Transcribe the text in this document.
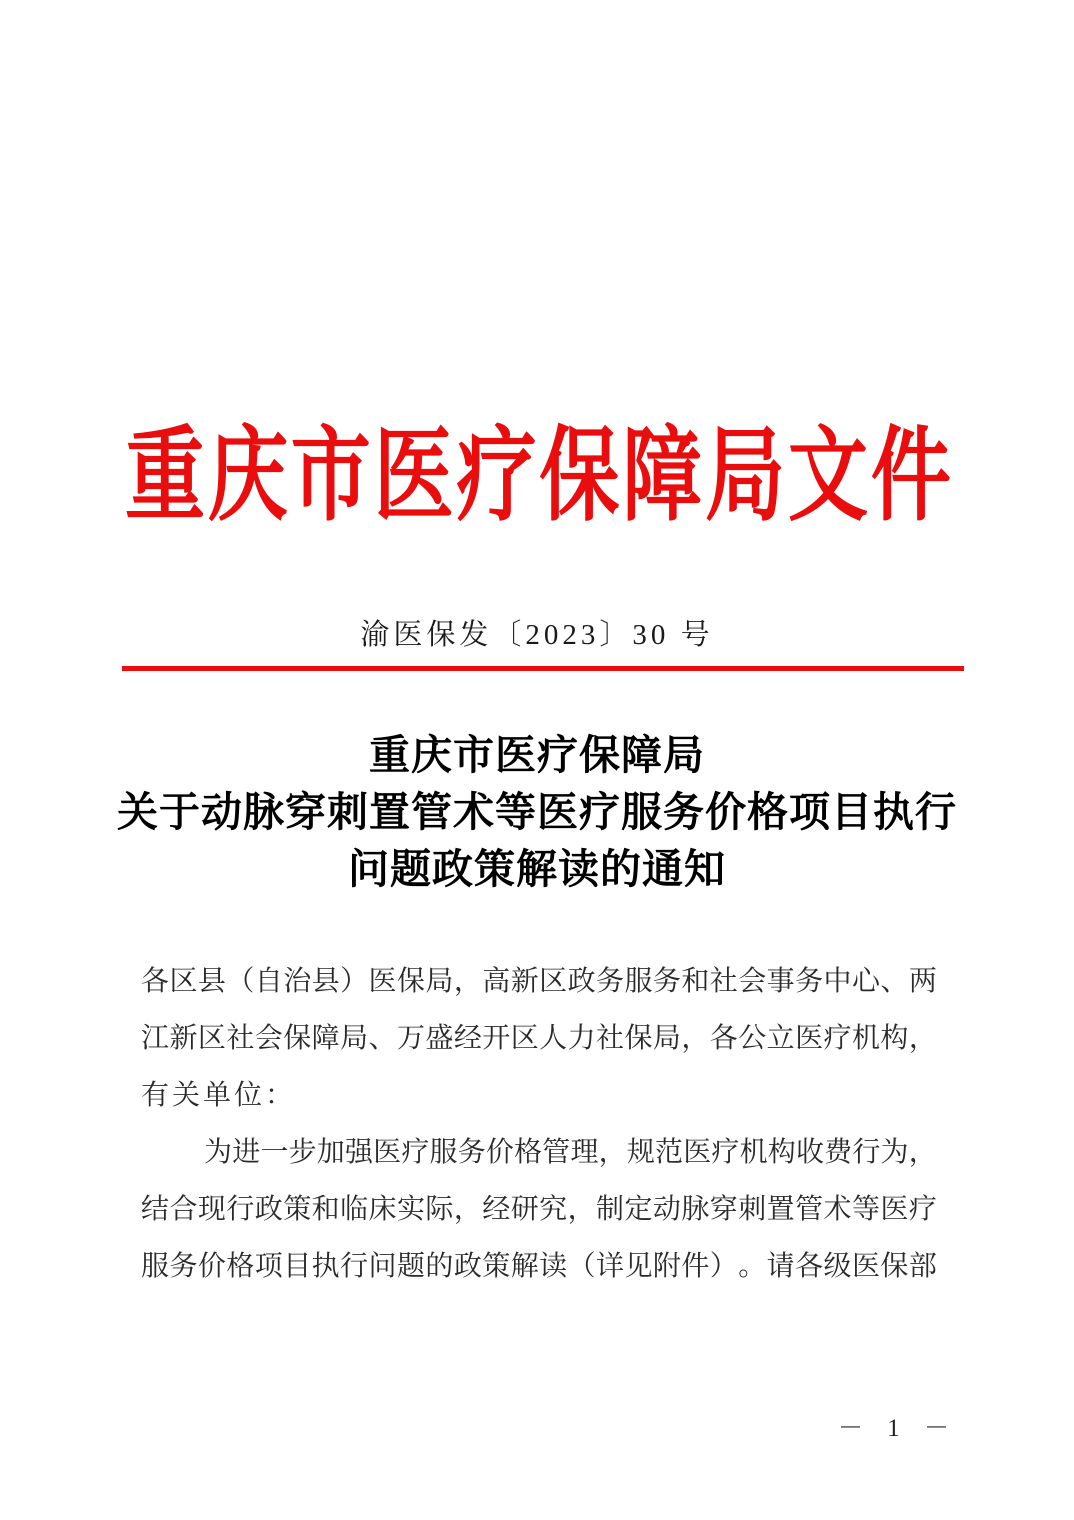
重 庆 市 医 疗 保 障 局 文 件
渝医保发〔2023〕30 号
重庆市医疗保障局
关于动脉穿刺置管术等医疗服务价格项目执行
问题政策解读的通知
各 区 县 （ 自 治 县 ） 医 保 局 ， 高 新 区 政 务 服 务 和 社 会 事 务 中 心 、 两
江 新 区 社 会 保 障 局 、 万 盛 经 开 区 人 力 社 保 局 ， 各 公 立 医 疗 机 构 ，
有关单位：
为 进 一 步 加 强 医 疗 服 务 价 格 管 理 ， 规 范 医 疗 机 构 收 费 行 为 ，
结 合 现 行 政 策 和 临 床 实 际 ， 经 研 究 ， 制 定 动 脉 穿 刺 置 管 术 等 医 疗
服 务 价 格 项 目 执 行 问 题 的 政 策 解 读 （ 详 见 附 件 ） 。 请 各 级 医 保 部
－ 1 －
